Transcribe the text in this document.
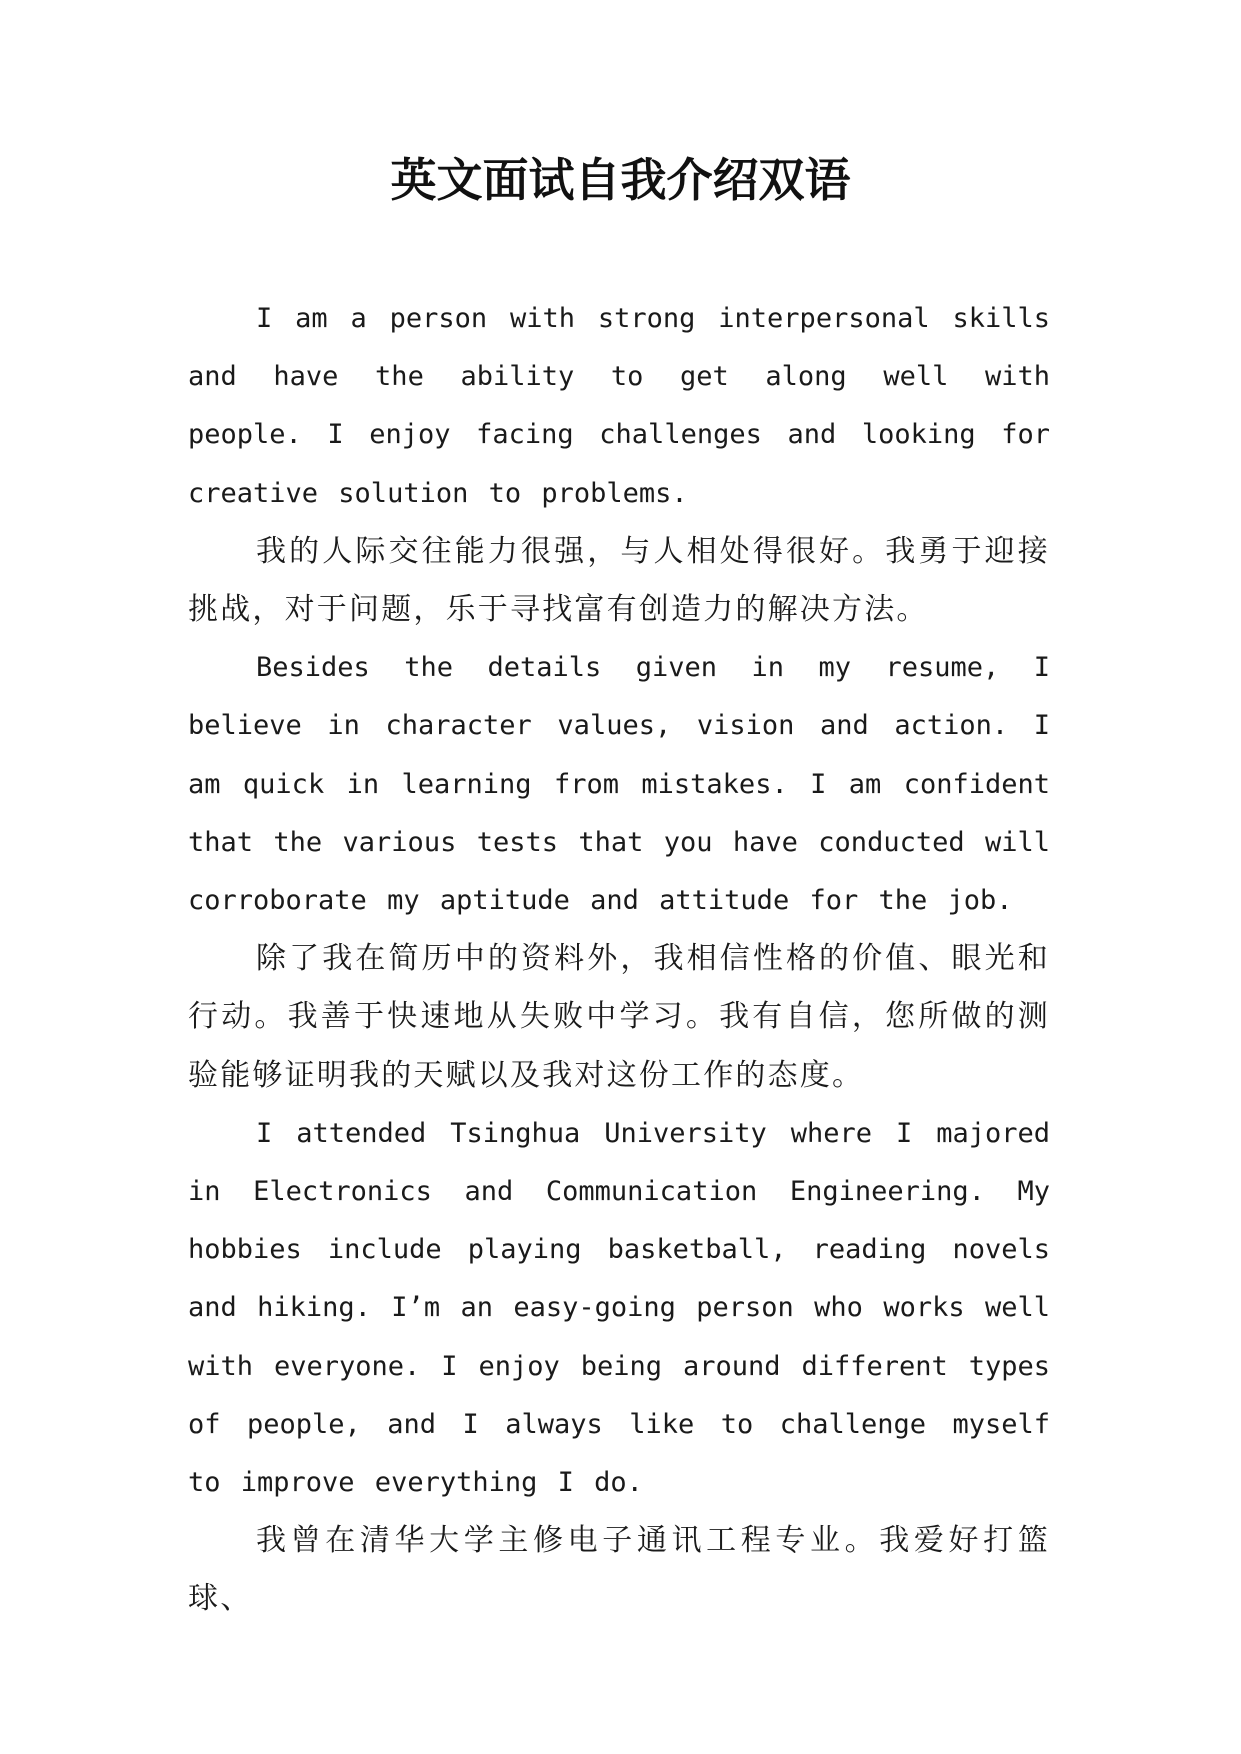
英文面试自我介绍双语

I am a person with strong interpersonal skills and have the ability to get along well with people. I enjoy facing challenges and looking for creative solution to problems.

我的人际交往能力很强，与人相处得很好。我勇于迎接挑战，对于问题，乐于寻找富有创造力的解决方法。

Besides the details given in my resume, I believe in character values, vision and action. I am quick in learning from mistakes. I am confident that the various tests that you have conducted will corroborate my aptitude and attitude for the job.

除了我在简历中的资料外，我相信性格的价值、眼光和行动。我善于快速地从失败中学习。我有自信，您所做的测验能够证明我的天赋以及我对这份工作的态度。

I attended Tsinghua University where I majored in Electronics and Communication Engineering. My hobbies include playing basketball, reading novels and hiking. I’m an easy-going person who works well with everyone. I enjoy being around different types of people, and I always like to challenge myself to improve everything I do.

我曾在清华大学主修电子通讯工程专业。我爱好打篮球、
